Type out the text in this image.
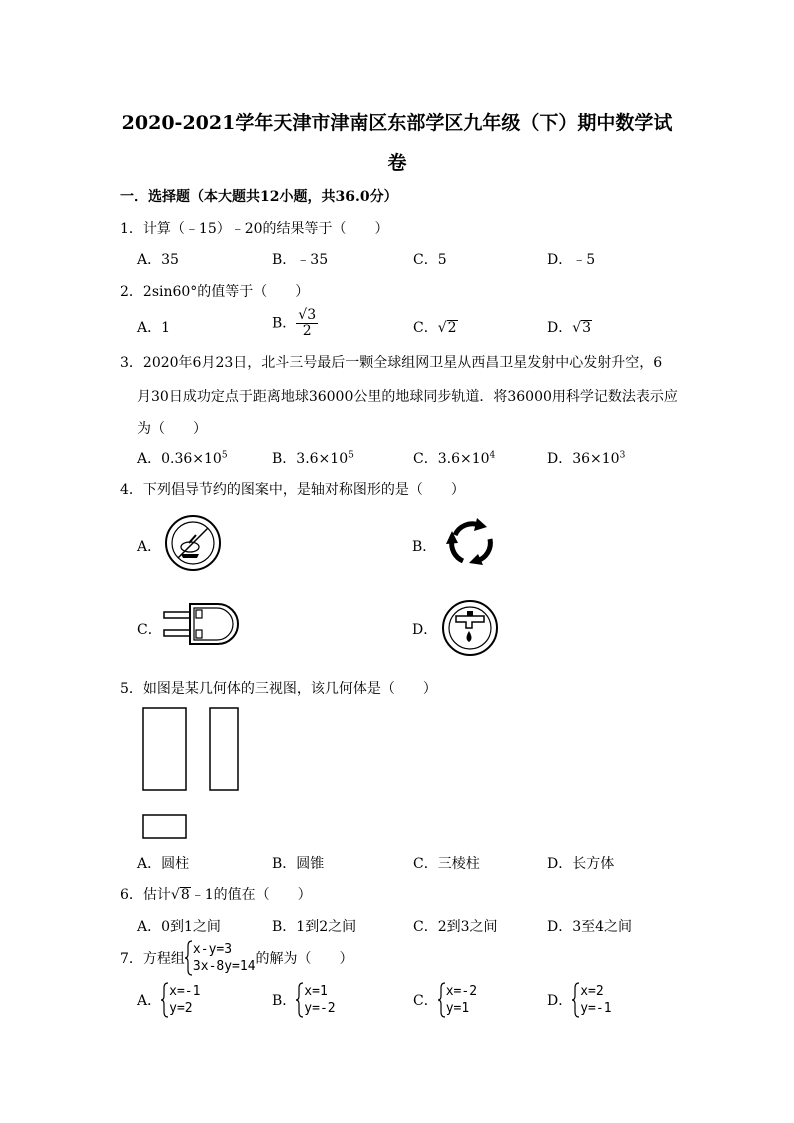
2020-2021学年天津市津南区东部学区九年级（下）期中数学试
卷
一．选择题（本大题共12小题，共36.0分）
1．计算（﹣15）﹣20的结果等于（　　）
A．35	B．﹣35	C．5	D．﹣5
2．2sin60°的值等于（　　）
A．1	B． $\frac{√3}{2}$	C．√2	D．√3
3．2020年6月23日，北斗三号最后一颗全球组网卫星从西昌卫星发射中心发射升空，6
月30日成功定点于距离地球36000公里的地球同步轨道．将36000用科学记数法表示应
为（　　）
A．$0.36\times 10^5$	B．$3.6\times 10^5$	C．$3.6\times 10^4$	D．$36\times 10^3$
4．下列倡导节约的图案中，是轴对称图形的是（　　）
A．	B．
C．	D．
5．如图是某几何体的三视图，该几何体是（　　）
A．圆柱	B．圆锥	C．三棱柱	D．长方体
6．估计√8﹣1的值在（　　）
A．0到1之间	B．1到2之间	C．2到3之间	D．3至4之间
7．方程组x-y=3
3x-8y=14的解为（　　）
A．x=-1
y=2	B．x=1
y=-2	C．x=-2
y=1	D．x=2
y=-1
